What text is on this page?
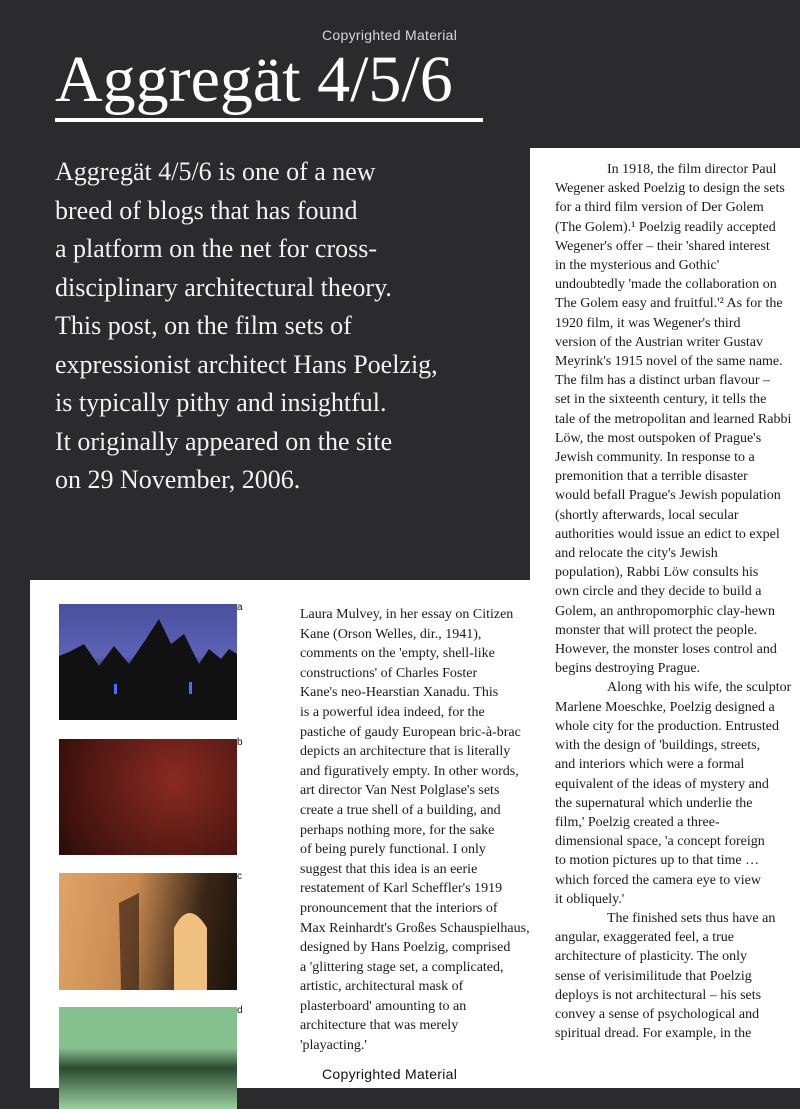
Copyrighted Material
Aggregät 4/5/6
Aggregät 4/5/6 is one of a new
breed of blogs that has found
a platform on the net for cross-
disciplinary architectural theory.
This post, on the film sets of
expressionist architect Hans Poelzig,
is typically pithy and insightful.
It originally appeared on the site
on 29 November, 2006.
In 1918, the film director Paul
Wegener asked Poelzig to design the sets
for a third film version of Der Golem
(The Golem).¹ Poelzig readily accepted
Wegener's offer – their 'shared interest
in the mysterious and Gothic'
undoubtedly 'made the collaboration on
The Golem easy and fruitful.'² As for the
1920 film, it was Wegener's third
version of the Austrian writer Gustav
Meyrink's 1915 novel of the same name.
The film has a distinct urban flavour –
set in the sixteenth century, it tells the
tale of the metropolitan and learned Rabbi
Löw, the most outspoken of Prague's
Jewish community. In response to a
premonition that a terrible disaster
would befall Prague's Jewish population
(shortly afterwards, local secular
authorities would issue an edict to expel
and relocate the city's Jewish
population), Rabbi Löw consults his
own circle and they decide to build a
Golem, an anthropomorphic clay-hewn
monster that will protect the people.
However, the monster loses control and
begins destroying Prague.
Along with his wife, the sculptor
Marlene Moeschke, Poelzig designed a
whole city for the production. Entrusted
with the design of 'buildings, streets,
and interiors which were a formal
equivalent of the ideas of mystery and
the supernatural which underlie the
film,' Poelzig created a three-
dimensional space, 'a concept foreign
to motion pictures up to that time …
which forced the camera eye to view
it obliquely.'
The finished sets thus have an
angular, exaggerated feel, a true
architecture of plasticity. The only
sense of verisimilitude that Poelzig
deploys is not architectural – his sets
convey a sense of psychological and
spiritual dread. For example, in the
Laura Mulvey, in her essay on Citizen
Kane (Orson Welles, dir., 1941),
comments on the 'empty, shell-like
constructions' of Charles Foster
Kane's neo-Hearstian Xanadu. This
is a powerful idea indeed, for the
pastiche of gaudy European bric-à-brac
depicts an architecture that is literally
and figuratively empty. In other words,
art director Van Nest Polglase's sets
create a true shell of a building, and
perhaps nothing more, for the sake
of being purely functional. I only
suggest that this idea is an eerie
restatement of Karl Scheffler's 1919
pronouncement that the interiors of
Max Reinhardt's Großes Schauspielhaus,
designed by Hans Poelzig, comprised
a 'glittering stage set, a complicated,
artistic, architectural mask of
plasterboard' amounting to an
architecture that was merely
'playacting.'
a
b
c
d
Copyrighted Material
